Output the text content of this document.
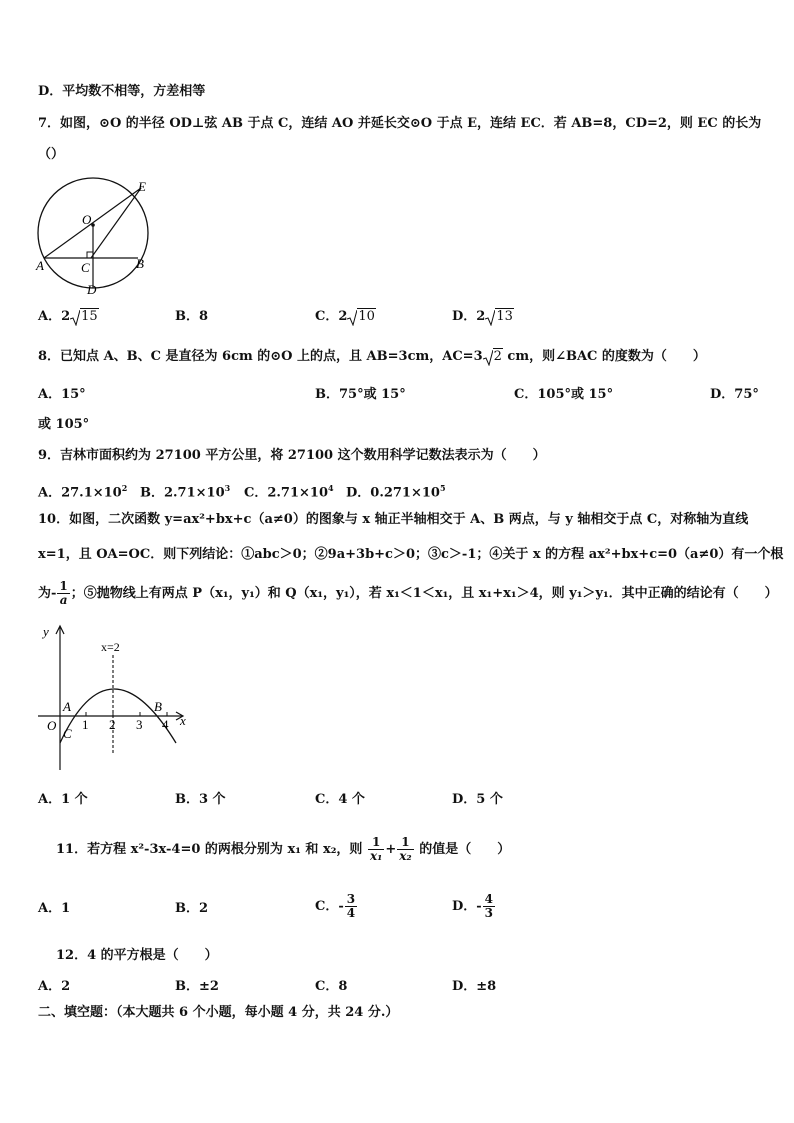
D．平均数不相等，方差相等
7．如图，⊙O 的半径 OD⊥弦 AB 于点 C，连结 AO 并延长交⊙O 于点 E，连结 EC．若 AB=8，CD=2，则 EC 的长为
（）
E
O
A	C	B
D
A．2 15	B．8	C．2 10	D．2 13
8．已知点 A、B、C 是直径为 6cm 的⊙O 上的点，且 AB=3cm，AC=3 2 cm，则∠BAC 的度数为（　　）
A．15°	B．75°或 15°	C．105°或 15°	D．75°
或 105°
9．吉林市面积约为 27100 平方公里，将 27100 这个数用科学记数法表示为（　　）
A．$27.1\times 10^2$ B．$2.71\times 10^3$ C．$2.71\times 10^4$ D．$0.271\times 10^5$
10．如图，二次函数 y=ax²+bx+c（a≠0）的图象与 x 轴正半轴相交于 A、B 两点，与 y 轴相交于点 C，对称轴为直线
x=1，且 OA=OC．则下列结论：①abc＞0；②9a+3b+c＞0；③c＞-1；④关于 x 的方程 ax²+bx+c=0（a≠0）有一个根
为- $\frac{1}{a}$ ；⑤抛物线上有两点 P（x₁，y₁）和 Q（x₁，y₁），若 x₁＜1＜x₁，且 x₁+x₁＞4，则 y₁＞y₁．其中正确的结论有（　　）
y
x
x=2
O
A
C
B
1 2 3 4
A．1 个	B．3 个	C．4 个	D．5 个
11．若方程 x²-3x-4=0 的两根分别为 x₁ 和 x₂，则 $\frac{1}{\text{x₁}} + \frac{1}{\text{x₂}}$ 的值是（　　）
A．1	B．2	C．- $\frac{3}{4}$	D．- $\frac{4}{3}$
12．4 的平方根是（　　）
A．2	B．±2	C．8	D．±8
二、填空题：（本大题共 6 个小题，每小题 4 分，共 24 分.）
